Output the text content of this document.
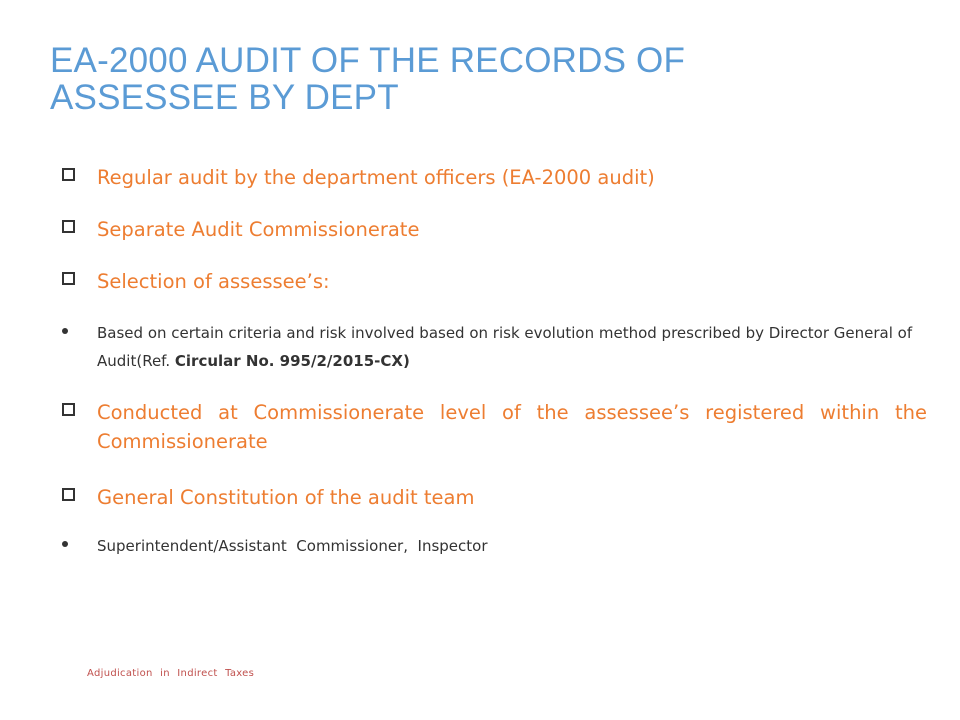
EA-2000 AUDIT OF THE RECORDS OF
ASSESSEE BY DEPT
Regular audit by the department officers (EA-2000 audit)
Separate Audit Commissionerate
Selection of assessee’s:
Based on certain criteria and risk involved based on risk evolution method prescribed by Director General of Audit(Ref. Circular No. 995/2/2015-CX)
Conducted at Commissionerate level of the assessee’s registered within the Commissionerate
General Constitution of the audit team
Superintendent/Assistant  Commissioner,  Inspector
Adjudication in Indirect Taxes
